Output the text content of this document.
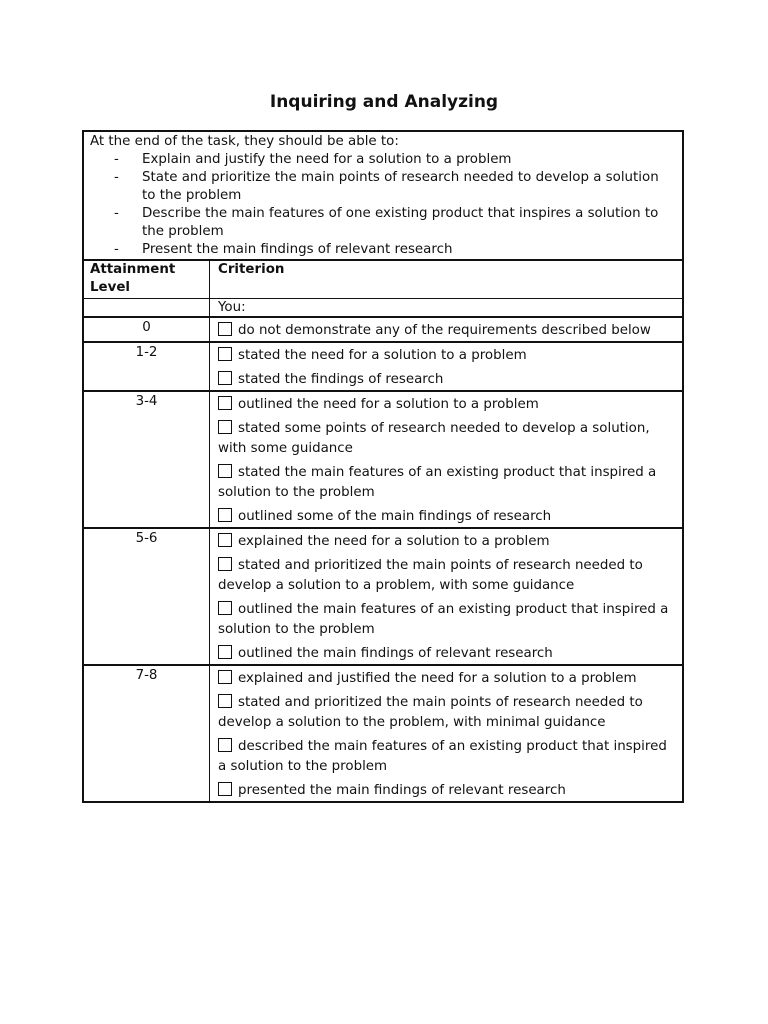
Inquiring and Analyzing

At the end of the task, they should be able to:

- Explain and justify the need for a solution to a problem
- State and prioritize the main points of research needed to develop a solution to the problem
- Describe the main features of one existing product that inspires a solution to the problem
- Present the main findings of relevant research
Attainment Level
Criterion
You:
0	do not demonstrate any of the requirements described below
1-2	stated the need for a solution to a problem
stated the findings of research
3-4	outlined the need for a solution to a problem
stated some points of research needed to develop a solution, with some guidance
stated the main features of an existing product that inspired a solution to the problem
outlined some of the main findings of research
5-6	explained the need for a solution to a problem
stated and prioritized the main points of research needed to develop a solution to a problem, with some guidance
outlined the main features of an existing product that inspired a solution to the problem
outlined the main findings of relevant research
7-8	explained and justified the need for a solution to a problem
stated and prioritized the main points of research needed to develop a solution to the problem, with minimal guidance
described the main features of an existing product that inspired a solution to the problem
presented the main findings of relevant research
